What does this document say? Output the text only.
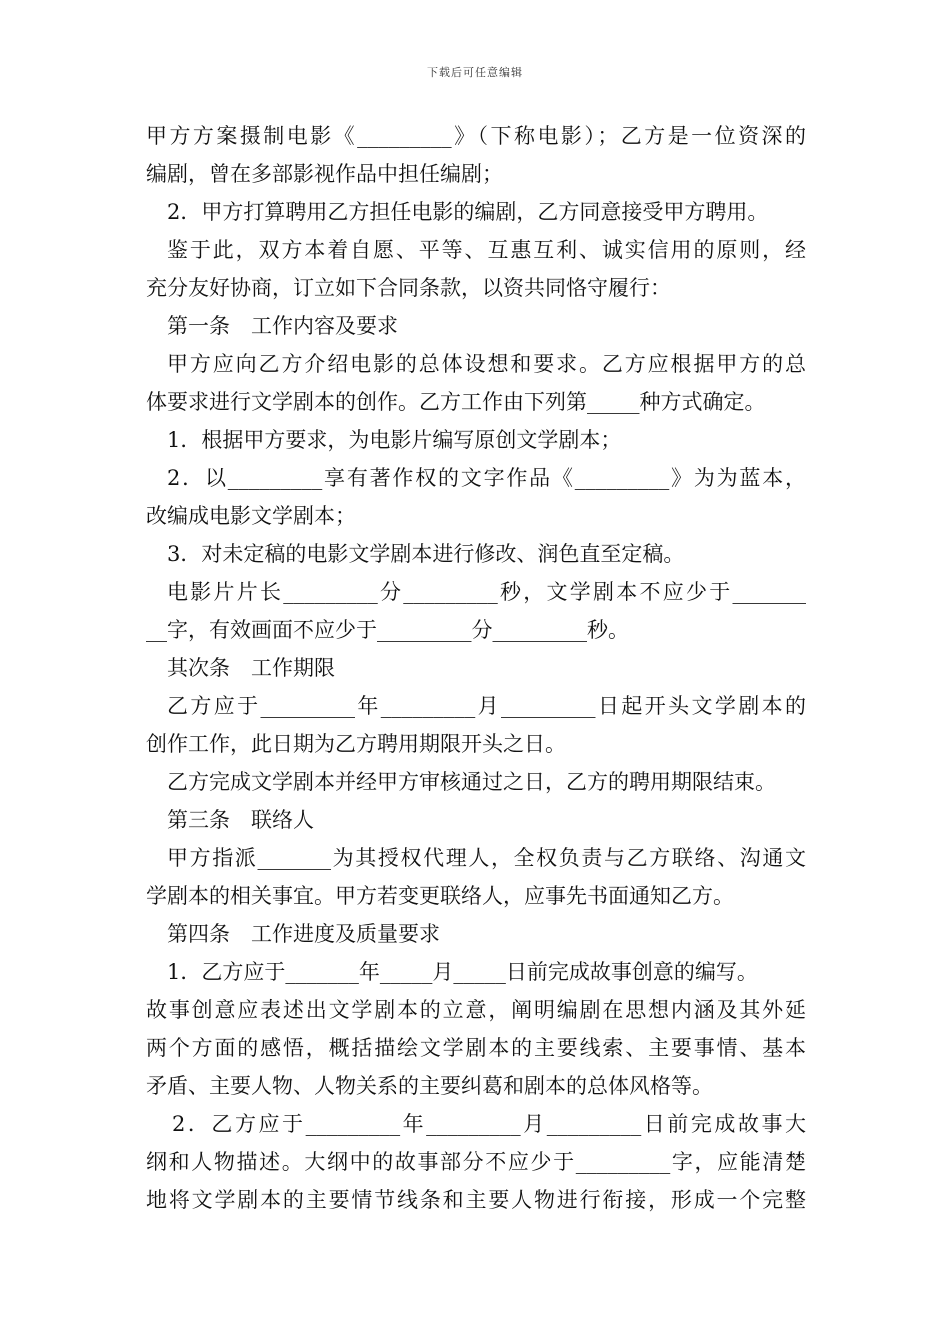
下载后可任意编辑
甲方方案摄制电影《_________》（下称电影）；乙方是一位资深的
编剧，曾在多部影视作品中担任编剧；
2．甲方打算聘用乙方担任电影的编剧，乙方同意接受甲方聘用。
鉴于此，双方本着自愿、平等、互惠互利、诚实信用的原则，经
充分友好协商，订立如下合同条款，以资共同恪守履行：
第一条　工作内容及要求
甲方应向乙方介绍电影的总体设想和要求。乙方应根据甲方的总
体要求进行文学剧本的创作。乙方工作由下列第_____种方式确定。
1．根据甲方要求，为电影片编写原创文学剧本；
2．以_________享有著作权的文字作品《_________》为为蓝本，
改编成电影文学剧本；
3．对未定稿的电影文学剧本进行修改、润色直至定稿。
电影片片长_________分_________秒，文学剧本不应少于_______
__字，有效画面不应少于_________分_________秒。
其次条　工作期限
乙方应于_________年_________月_________日起开头文学剧本的
创作工作，此日期为乙方聘用期限开头之日。
乙方完成文学剧本并经甲方审核通过之日，乙方的聘用期限结束。
第三条　联络人
甲方指派_______为其授权代理人，全权负责与乙方联络、沟通文
学剧本的相关事宜。甲方若变更联络人，应事先书面通知乙方。
第四条　工作进度及质量要求
1．乙方应于_______年_____月_____日前完成故事创意的编写。
故事创意应表述出文学剧本的立意，阐明编剧在思想内涵及其外延
两个方面的感悟，概括描绘文学剧本的主要线索、主要事情、基本
矛盾、主要人物、人物关系的主要纠葛和剧本的总体风格等。
2．乙方应于_________年_________月_________日前完成故事大
纲和人物描述。大纲中的故事部分不应少于_________字，应能清楚
地将文学剧本的主要情节线条和主要人物进行衔接，形成一个完整
